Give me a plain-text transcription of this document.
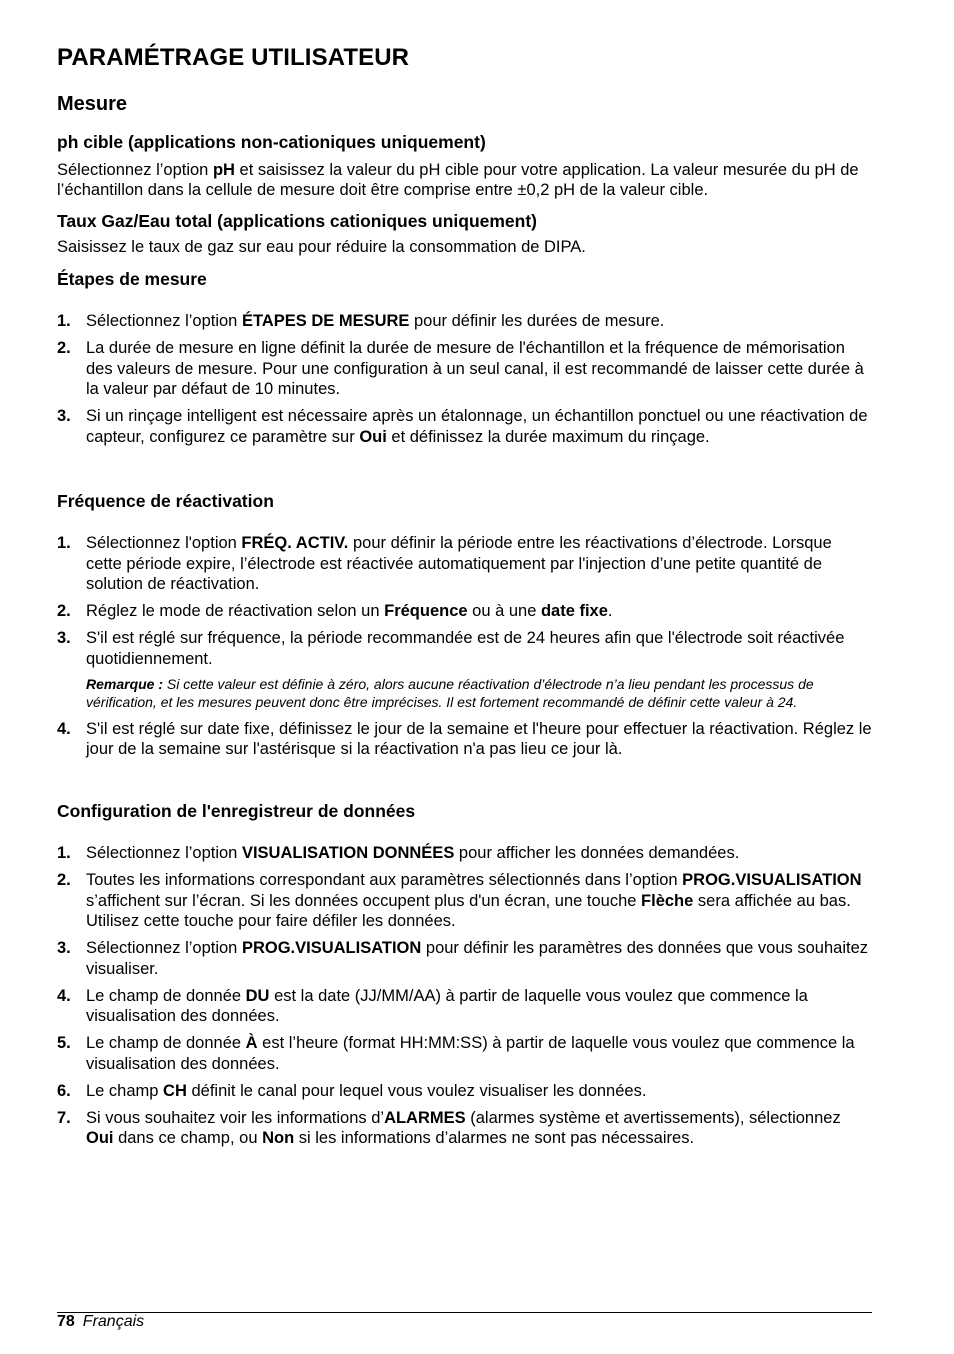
PARAMÉTRAGE UTILISATEUR
Mesure
ph cible (applications non-cationiques uniquement)

Sélectionnez l’option pH et saisissez la valeur du pH cible pour votre application. La valeur mesurée du pH de l’échantillon dans la cellule de mesure doit être comprise entre ±0,2 pH de la valeur cible.

Taux Gaz/Eau total (applications cationiques uniquement)

Saisissez le taux de gaz sur eau pour réduire la consommation de DIPA.

Étapes de mesure
1. Sélectionnez l’option ÉTAPES DE MESURE pour définir les durées de mesure.
2. La durée de mesure en ligne définit la durée de mesure de l'échantillon et la fréquence de mémorisation des valeurs de mesure. Pour une configuration à un seul canal, il est recommandé de laisser cette durée à la valeur par défaut de 10 minutes.
3. Si un rinçage intelligent est nécessaire après un étalonnage, un échantillon ponctuel ou une réactivation de capteur, configurez ce paramètre sur Oui et définissez la durée maximum du rinçage.
Fréquence de réactivation
1. Sélectionnez l'option FRÉQ. ACTIV. pour définir la période entre les réactivations d’électrode. Lorsque cette période expire, l’électrode est réactivée automatiquement par l'injection d’une petite quantité de solution de réactivation.
2. Réglez le mode de réactivation selon un Fréquence ou à une date fixe.
3. S'il est réglé sur fréquence, la période recommandée est de 24 heures afin que l'électrode soit réactivée quotidiennement.
Remarque : Si cette valeur est définie à zéro, alors aucune réactivation d’électrode n’a lieu pendant les processus de vérification, et les mesures peuvent donc être imprécises. Il est fortement recommandé de définir cette valeur à 24.
4. S'il est réglé sur date fixe, définissez le jour de la semaine et l'heure pour effectuer la réactivation. Réglez le jour de la semaine sur l'astérisque si la réactivation n'a pas lieu ce jour là.
Configuration de l'enregistreur de données
1. Sélectionnez l’option VISUALISATION DONNÉES pour afficher les données demandées.
2. Toutes les informations correspondant aux paramètres sélectionnés dans l’option PROG.VISUALISATION s’affichent sur l’écran. Si les données occupent plus d'un écran, une touche Flèche sera affichée au bas. Utilisez cette touche pour faire défiler les données.
3. Sélectionnez l’option PROG.VISUALISATION pour définir les paramètres des données que vous souhaitez visualiser.
4. Le champ de donnée DU est la date (JJ/MM/AA) à partir de laquelle vous voulez que commence la visualisation des données.
5. Le champ de donnée À est l’heure (format HH:MM:SS) à partir de laquelle vous voulez que commence la visualisation des données.
6. Le champ CH définit le canal pour lequel vous voulez visualiser les données.
7. Si vous souhaitez voir les informations d’ALARMES (alarmes système et avertissements), sélectionnez Oui dans ce champ, ou Non si les informations d’alarmes ne sont pas nécessaires.
78 Français
